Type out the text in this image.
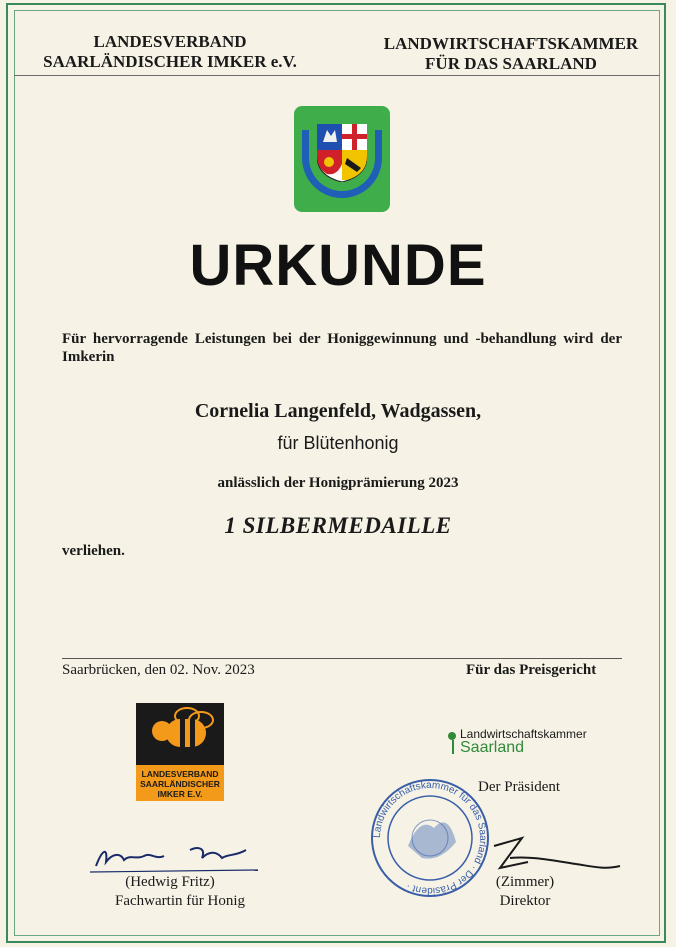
LANDESVERBAND
SAARLÄNDISCHER IMKER e.V.
LANDWIRTSCHAFTSKAMMER
FÜR DAS SAARLAND
URKUNDE
Für hervorragende Leistungen bei der Honiggewinnung und -behandlung wird der Imkerin
Cornelia Langenfeld, Wadgassen,
für Blütenhonig
anlässlich der Honigprämierung 2023
1 SILBERMEDAILLE
verliehen.
Saarbrücken, den 02. Nov. 2023	Für das Preisgericht
LANDESVERBAND
SAARLÄNDISCHER
IMKER E.V.
Landwirtschaftskammer
Saarland
Der Präsident
Landwirtschaftskammer für das Saarland · Der Präsident ·
(Hedwig Fritz)
Fachwartin für Honig
(Zimmer)
Direktor
